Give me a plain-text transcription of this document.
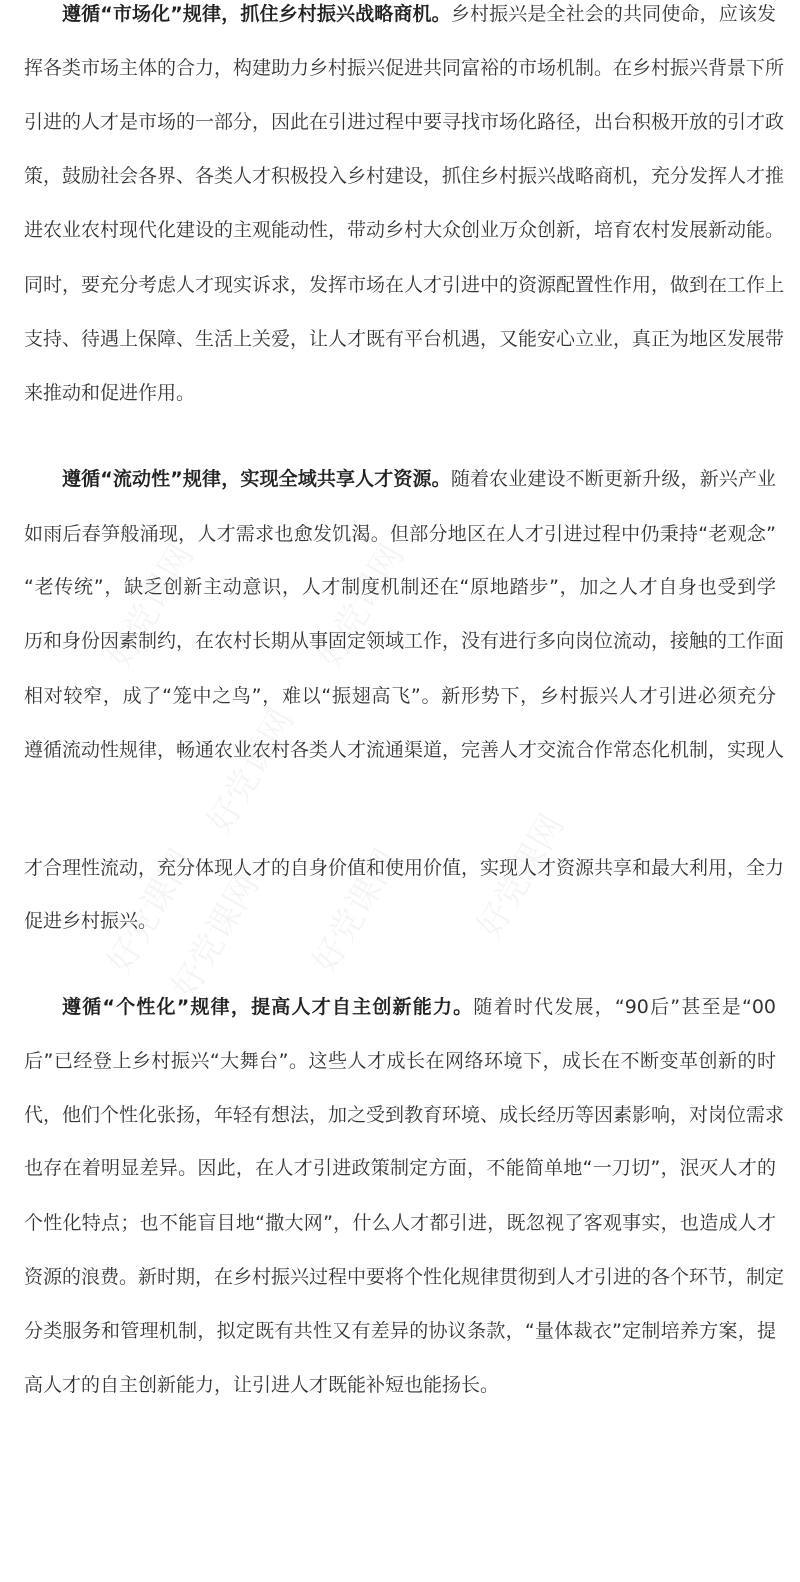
遵循“市场化”规律，抓住乡村振兴战略商机。乡村振兴是全社会的共同使命，应该发
挥各类市场主体的合力，构建助力乡村振兴促进共同富裕的市场机制。在乡村振兴背景下所
引进的人才是市场的一部分，因此在引进过程中要寻找市场化路径，出台积极开放的引才政
策，鼓励社会各界、各类人才积极投入乡村建设，抓住乡村振兴战略商机，充分发挥人才推
进农业农村现代化建设的主观能动性，带动乡村大众创业万众创新，培育农村发展新动能。
同时，要充分考虑人才现实诉求，发挥市场在人才引进中的资源配置性作用，做到在工作上
支持、待遇上保障、生活上关爱，让人才既有平台机遇，又能安心立业，真正为地区发展带
来推动和促进作用。
遵循“流动性”规律，实现全域共享人才资源。随着农业建设不断更新升级，新兴产业
如雨后春笋般涌现，人才需求也愈发饥渴。但部分地区在人才引进过程中仍秉持“老观念”
“老传统”，缺乏创新主动意识，人才制度机制还在“原地踏步”，加之人才自身也受到学
历和身份因素制约，在农村长期从事固定领域工作，没有进行多向岗位流动，接触的工作面
相对较窄，成了“笼中之鸟”，难以“振翅高飞”。新形势下，乡村振兴人才引进必须充分
遵循流动性规律，畅通农业农村各类人才流通渠道，完善人才交流合作常态化机制，实现人
才合理性流动，充分体现人才的自身价值和使用价值，实现人才资源共享和最大利用，全力
促进乡村振兴。
遵循“个性化”规律，提高人才自主创新能力。随着时代发展，“90后”甚至是“00
后”已经登上乡村振兴“大舞台”。这些人才成长在网络环境下，成长在不断变革创新的时
代，他们个性化张扬，年轻有想法，加之受到教育环境、成长经历等因素影响，对岗位需求
也存在着明显差异。因此，在人才引进政策制定方面，不能简单地“一刀切”，泯灭人才的
个性化特点；也不能盲目地“撒大网”，什么人才都引进，既忽视了客观事实，也造成人才
资源的浪费。新时期，在乡村振兴过程中要将个性化规律贯彻到人才引进的各个环节，制定
分类服务和管理机制，拟定既有共性又有差异的协议条款，“量体裁衣”定制培养方案，提
高人才的自主创新能力，让引进人才既能补短也能扬长。
